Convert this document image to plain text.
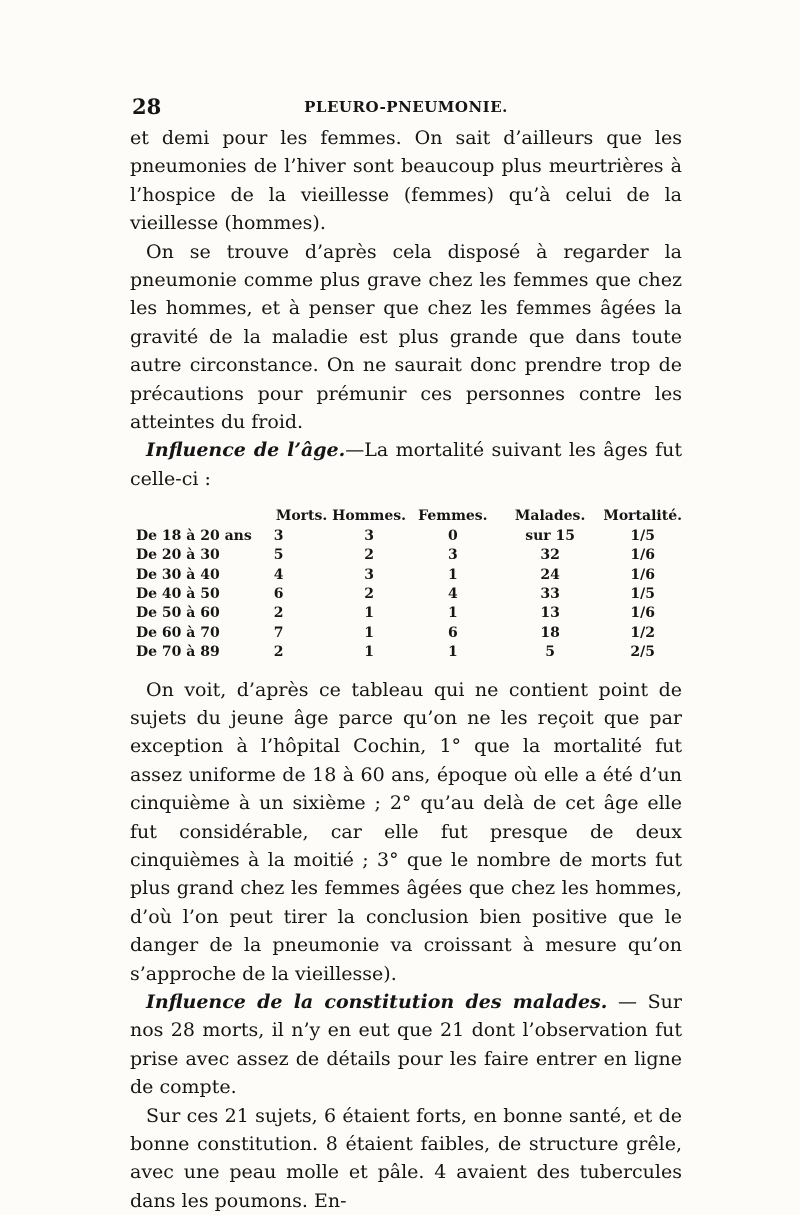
28	PLEURO-PNEUMONIE.

et demi pour les femmes. On sait d’ailleurs que les pneumonies de l’hiver sont beaucoup plus meurtrières à l’hospice de la vieillesse (femmes) qu’à celui de la vieillesse (hommes).

On se trouve d’après cela disposé à regarder la pneumonie comme plus grave chez les femmes que chez les hommes, et à penser que chez les femmes âgées la gravité de la maladie est plus grande que dans toute autre circonstance. On ne saurait donc prendre trop de précautions pour prémunir ces personnes contre les atteintes du froid.

Influence de l’âge.—La mortalité suivant les âges fut celle-ci :

	Morts.	Hommes.	Femmes.	Malades.	Mortalité.
De 18 à 20 ans	3	3	0	sur 15	1/5
De 20 à 30	5	2	3	32	1/6
De 30 à 40	4	3	1	24	1/6
De 40 à 50	6	2	4	33	1/5
De 50 à 60	2	1	1	13	1/6
De 60 à 70	7	1	6	18	1/2
De 70 à 89	2	1	1	5	2/5

On voit, d’après ce tableau qui ne contient point de sujets du jeune âge parce qu’on ne les reçoit que par exception à l’hôpital Cochin, 1° que la mortalité fut assez uniforme de 18 à 60 ans, époque où elle a été d’un cinquième à un sixième ; 2° qu’au delà de cet âge elle fut considérable, car elle fut presque de deux cinquièmes à la moitié ; 3° que le nombre de morts fut plus grand chez les femmes âgées que chez les hommes, d’où l’on peut tirer la conclusion bien positive que le danger de la pneumonie va croissant à mesure qu’on s’approche de la vieillesse).

Influence de la constitution des malades. — Sur nos 28 morts, il n’y en eut que 21 dont l’observation fut prise avec assez de détails pour les faire entrer en ligne de compte.

Sur ces 21 sujets, 6 étaient forts, en bonne santé, et de bonne constitution. 8 étaient faibles, de structure grêle, avec une peau molle et pâle. 4 avaient des tubercules dans les poumons. En-
